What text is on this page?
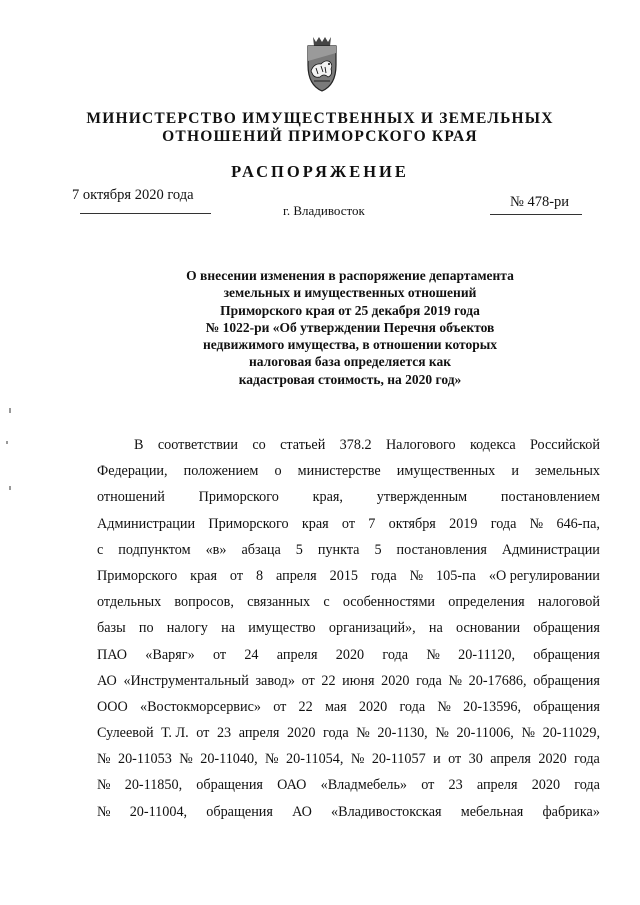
МИНИСТЕРСТВО ИМУЩЕСТВЕННЫХ И ЗЕМЕЛЬНЫХ
ОТНОШЕНИЙ ПРИМОРСКОГО КРАЯ
РАСПОРЯЖЕНИЕ
7 октября 2020 года
г. Владивосток
№ 478-ри
О внесении изменения в распоряжение департамента
земельных и имущественных отношений
Приморского края от 25 декабря 2019 года
№ 1022-ри «Об утверждении Перечня объектов
недвижимого имущества, в отношении которых
налоговая база определяется как
кадастровая стоимость, на 2020 год»
В соответствии со статьей 378.2 Налогового кодекса Российской
Федерации, положением о министерстве имущественных и земельных
отношений Приморского края, утвержденным постановлением
Администрации Приморского края от 7 октября 2019 года № 646-па,
с подпунктом «в» абзаца 5 пункта 5 постановления Администрации
Приморского края от 8 апреля 2015 года № 105-па «О регулировании
отдельных вопросов, связанных с особенностями определения налоговой
базы по налогу на имущество организаций», на основании обращения
ПАО «Варяг» от 24 апреля 2020 года № 20-11120, обращения
АО «Инструментальный завод» от 22 июня 2020 года № 20-17686, обращения
ООО «Востокморсервис» от 22 мая 2020 года № 20-13596, обращения
Сулеевой Т. Л. от 23 апреля 2020 года № 20-1130, № 20-11006, № 20-11029,
№ 20-11053 № 20-11040, № 20-11054, № 20-11057 и от 30 апреля 2020 года
№ 20-11850, обращения ОАО «Владмебель» от 23 апреля 2020 года
№ 20-11004, обращения АО «Владивостокская мебельная фабрика»
